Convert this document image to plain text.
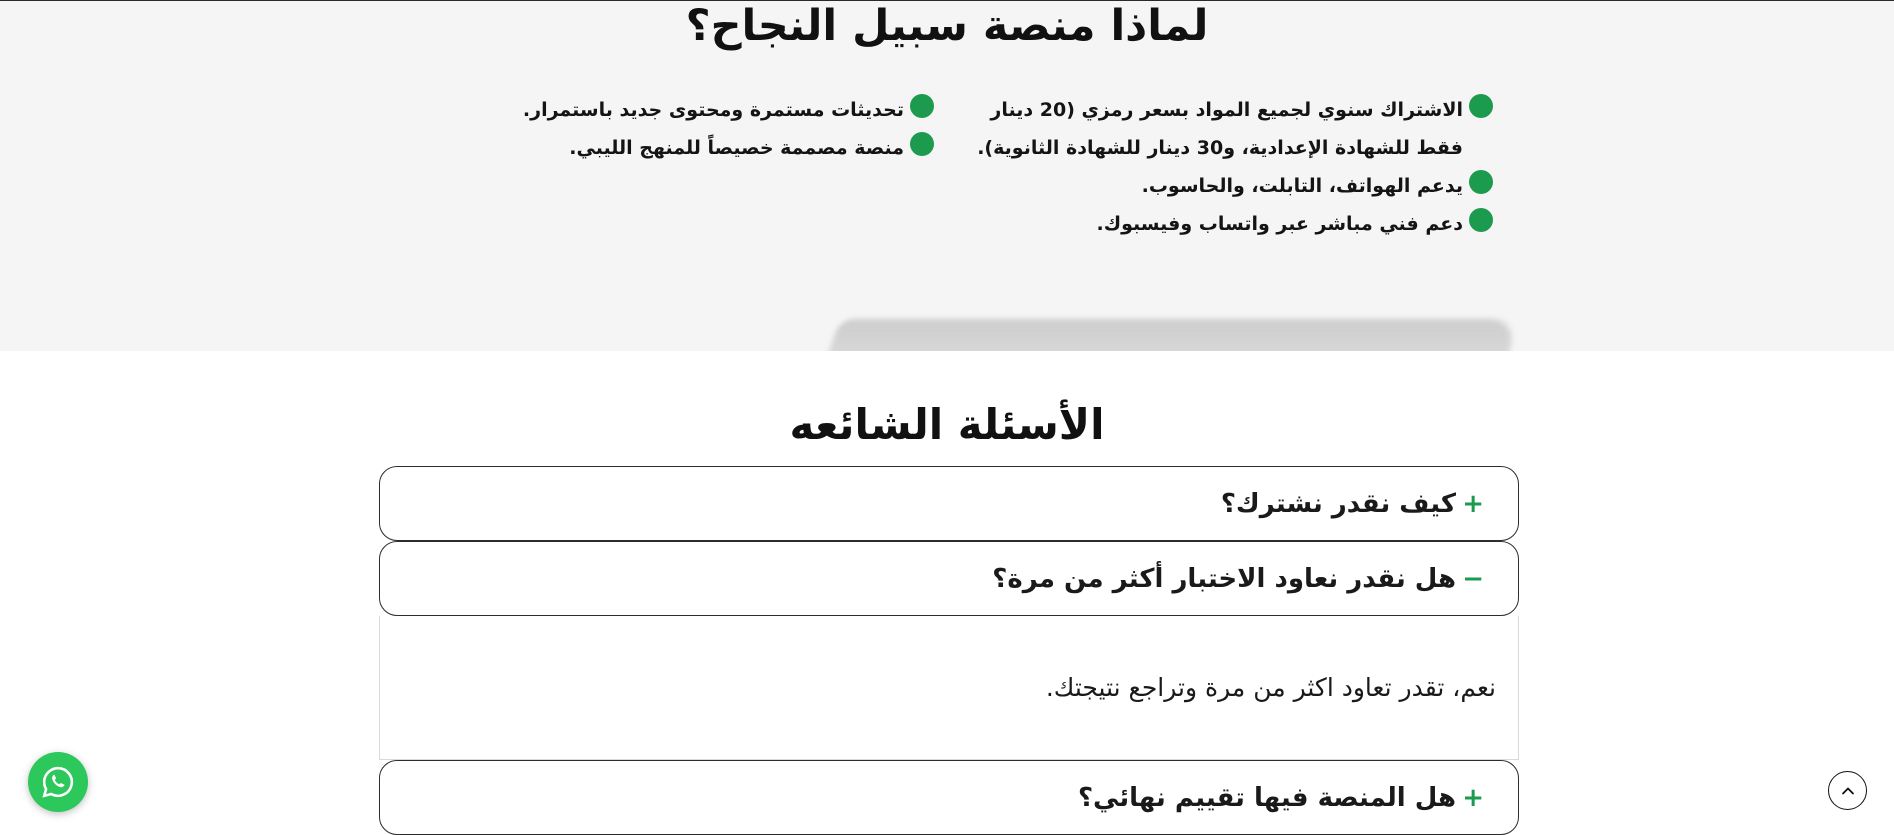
لماذا منصة سبيل النجاح؟
الاشتراك سنوي لجميع المواد بسعر رمزي (20 دينار فقط للشهادة الإعدادية، و30 دينار للشهادة الثانوية).
يدعم الهواتف، التابلت، والحاسوب.
دعم فني مباشر عبر واتساب وفيسبوك.
تحديثات مستمرة ومحتوى جديد باستمرار.
منصة مصممة خصيصاً للمنهج الليبي.
الأسئلة الشائعه
+
كيف نقدر نشترك؟
−
هل نقدر نعاود الاختبار أكثر من مرة؟
نعم، تقدر تعاود اكثر من مرة وتراجع نتيجتك.
+
هل المنصة فيها تقييم نهائي؟
